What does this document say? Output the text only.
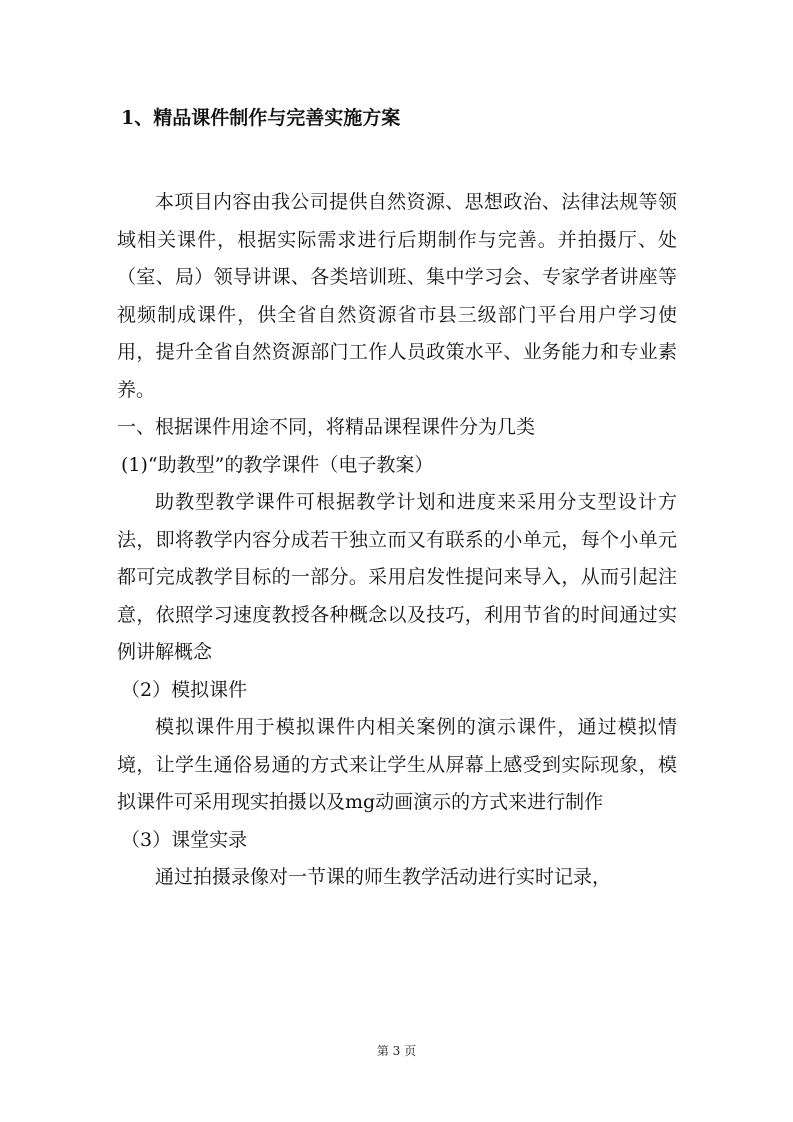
1、精品课件制作与完善实施方案

本项目内容由我公司提供自然资源、思想政治、法律法规等领域相关课件，根据实际需求进行后期制作与完善。并拍摄厅、处（室、局）领导讲课、各类培训班、集中学习会、专家学者讲座等视频制成课件，供全省自然资源省市县三级部门平台用户学习使用，提升全省自然资源部门工作人员政策水平、业务能力和专业素养。

一、根据课件用途不同，将精品课程课件分为几类

(1)“助教型”的教学课件（电子教案）

助教型教学课件可根据教学计划和进度来采用分支型设计方法，即将教学内容分成若干独立而又有联系的小单元，每个小单元都可完成教学目标的一部分。采用启发性提问来导入，从而引起注意，依照学习速度教授各种概念以及技巧，利用节省的时间通过实例讲解概念

（2）模拟课件

模拟课件用于模拟课件内相关案例的演示课件，通过模拟情境，让学生通俗易通的方式来让学生从屏幕上感受到实际现象，模拟课件可采用现实拍摄以及mg动画演示的方式来进行制作

（3）课堂实录

通过拍摄录像对一节课的师生教学活动进行实时记录，

第 3 页
